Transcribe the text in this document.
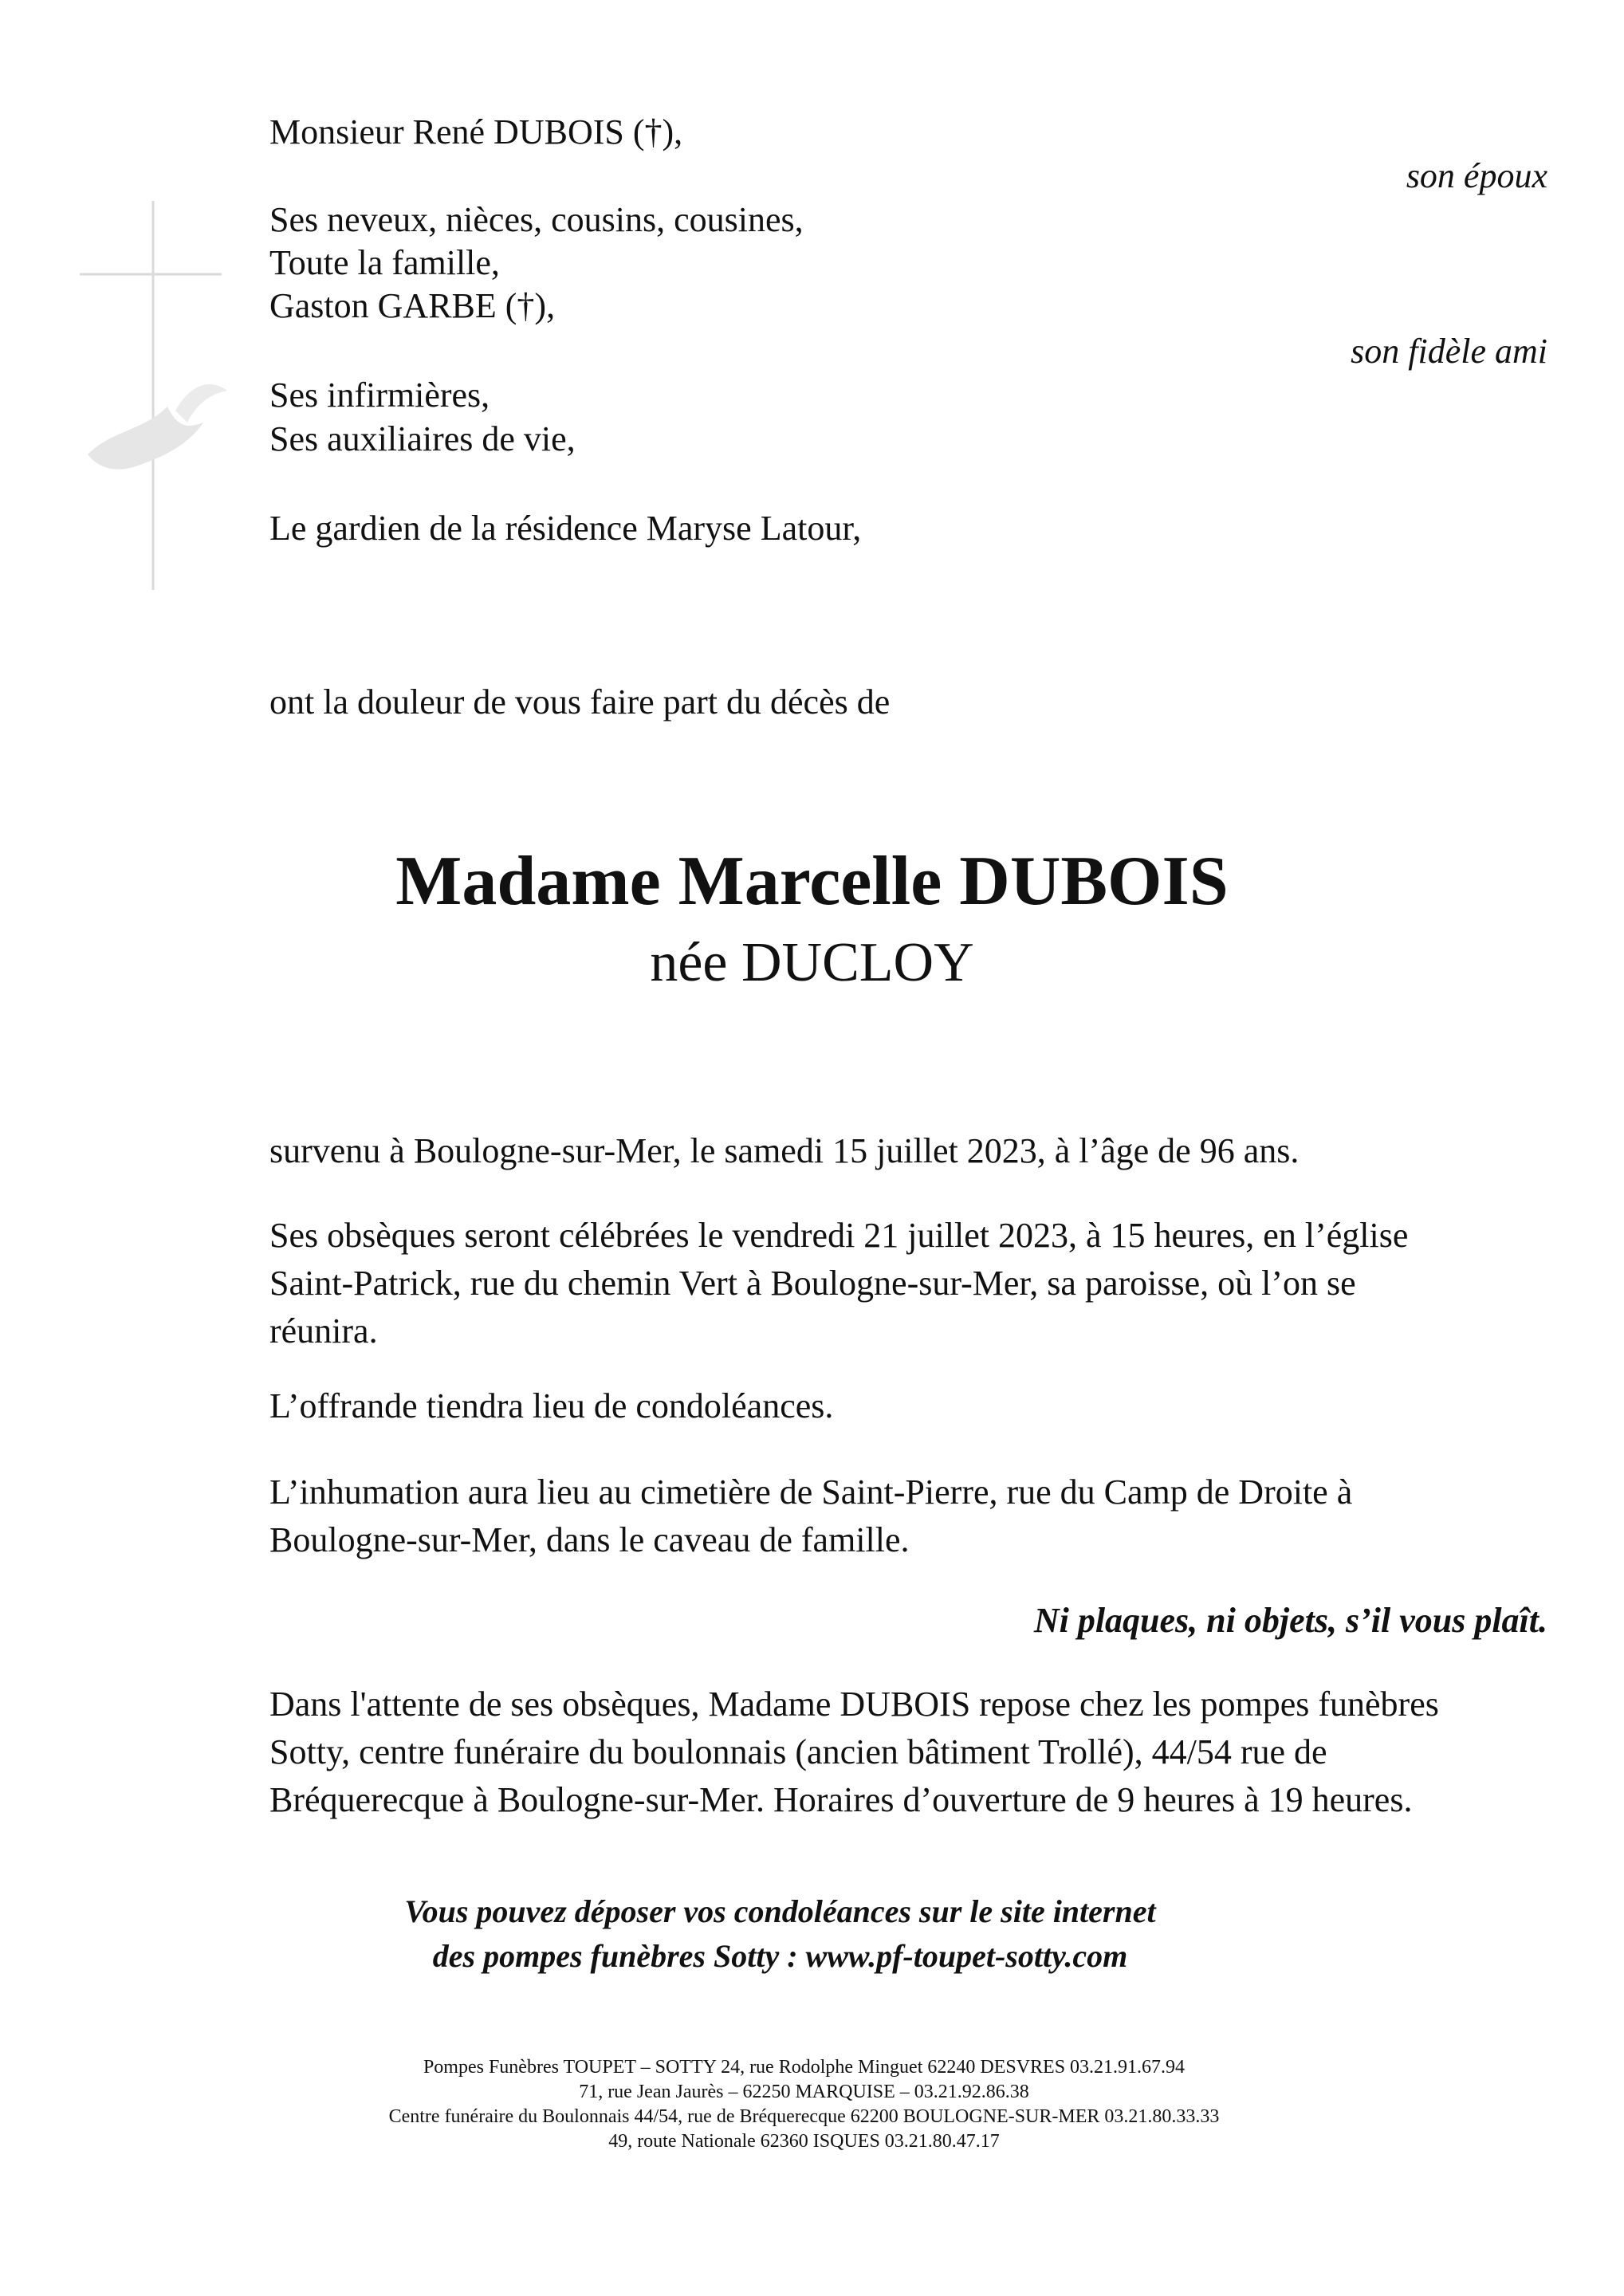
Monsieur René DUBOIS (†),
son époux
Ses neveux, nièces, cousins, cousines,
Toute la famille,
Gaston GARBE (†),
son fidèle ami
Ses infirmières,
Ses auxiliaires de vie,
Le gardien de la résidence Maryse Latour,
ont la douleur de vous faire part du décès de
Madame Marcelle DUBOIS
née DUCLOY
survenu à Boulogne-sur-Mer, le samedi 15 juillet 2023, à l’âge de 96 ans.
Ses obsèques seront célébrées le vendredi 21 juillet 2023, à 15 heures, en l’église
Saint-Patrick, rue du chemin Vert à Boulogne-sur-Mer, sa paroisse, où l’on se
réunira.
L’offrande tiendra lieu de condoléances.
L’inhumation aura lieu au cimetière de Saint-Pierre, rue du Camp de Droite à
Boulogne-sur-Mer, dans le caveau de famille.
Ni plaques, ni objets, s’il vous plaît.
Dans l'attente de ses obsèques, Madame DUBOIS repose chez les pompes funèbres
Sotty, centre funéraire du boulonnais (ancien bâtiment Trollé), 44/54 rue de
Bréquerecque à Boulogne-sur-Mer. Horaires d’ouverture de 9 heures à 19 heures.
Vous pouvez déposer vos condoléances sur le site internet
des pompes funèbres Sotty : www.pf-toupet-sotty.com
Pompes Funèbres TOUPET – SOTTY 24, rue Rodolphe Minguet 62240 DESVRES 03.21.91.67.94
71, rue Jean Jaurès – 62250 MARQUISE – 03.21.92.86.38
Centre funéraire du Boulonnais 44/54, rue de Bréquerecque 62200 BOULOGNE-SUR-MER 03.21.80.33.33
49, route Nationale 62360 ISQUES 03.21.80.47.17
